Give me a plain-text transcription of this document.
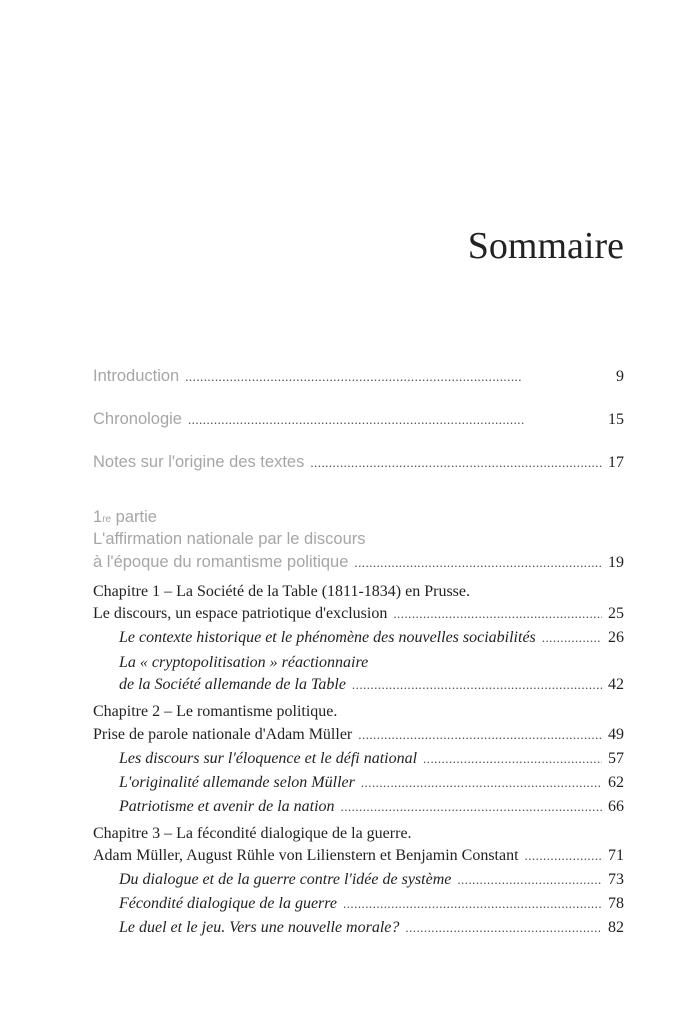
Sommaire
Introduction . . .	9
Chronologie . . .	15
Notes sur l'origine des textes . . .	17
1 re partie
L'affirmation nationale par le discours
à l'époque du romantisme politique . . .	19
Chapitre 1 – La Société de la Table (1811-1834) en Prusse.
Le discours, un espace patriotique d'exclusion . . .	25
Le contexte historique et le phénomène des nouvelles sociabilités . . .	26
La « cryptopolitisation » réactionnaire
de la Société allemande de la Table . . .	42
Chapitre 2 – Le romantisme politique.
Prise de parole nationale d'Adam Müller . . .	49
Les discours sur l'éloquence et le défi national . . .	57
L'originalité allemande selon Müller . . .	62
Patriotisme et avenir de la nation . . .	66
Chapitre 3 – La fécondité dialogique de la guerre.
Adam Müller, August Rühle von Lilienstern et Benjamin Constant . . .	71
Du dialogue et de la guerre contre l'idée de système . . .	73
Fécondité dialogique de la guerre . . .	78
Le duel et le jeu. Vers une nouvelle morale? . . .	82
